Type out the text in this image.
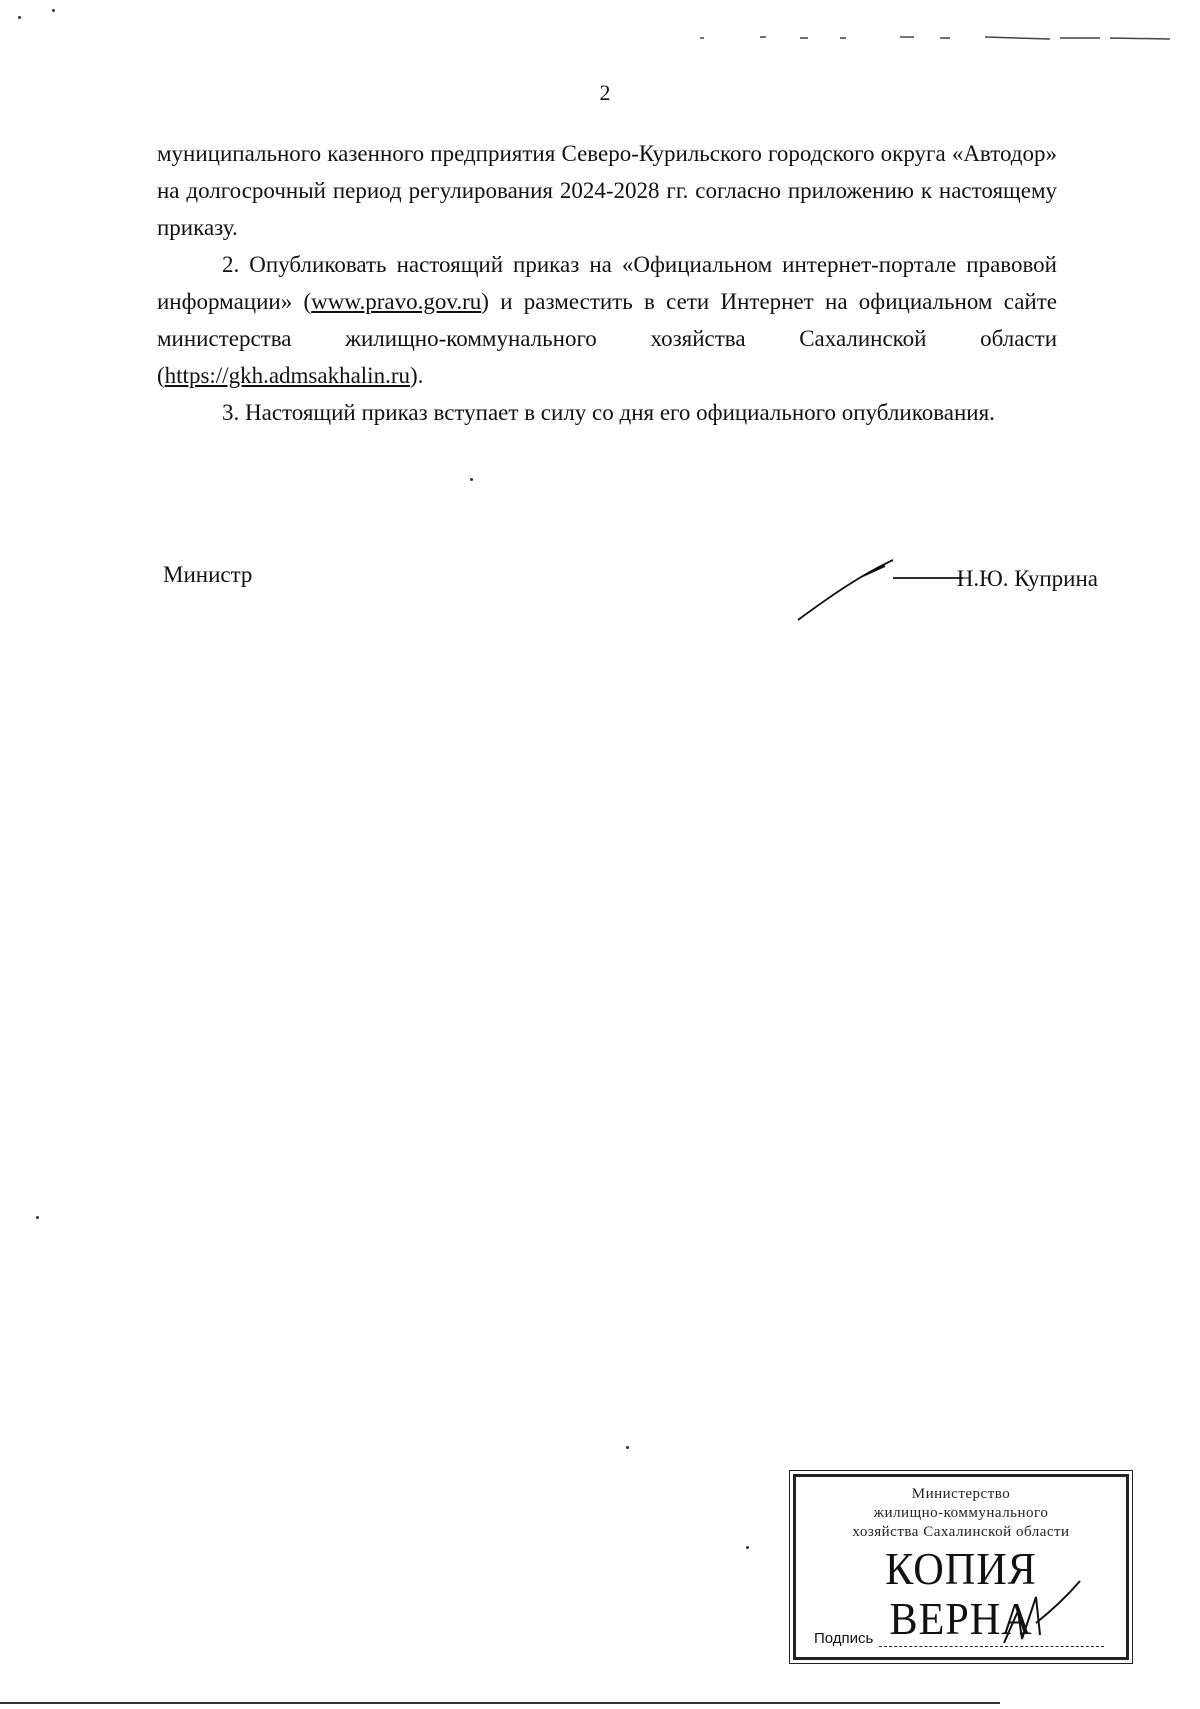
2

муниципального казенного предприятия Северо-Курильского городского округа «Автодор» на долгосрочный период регулирования 2024-2028 гг. согласно приложению к настоящему приказу.

2. Опубликовать настоящий приказ на «Официальном интернет-портале правовой информации» (www.pravo.gov.ru) и разместить в сети Интернет на официальном сайте министерства жилищно-коммунального хозяйства Сахалинской области (https://gkh.admsakhalin.ru).

3. Настоящий приказ вступает в силу со дня его официального опубликования.

Министр	Н.Ю. Куприна
Министерство
жилищно-коммунального
хозяйства Сахалинской области
КОПИЯ ВЕРНА
Подпись
